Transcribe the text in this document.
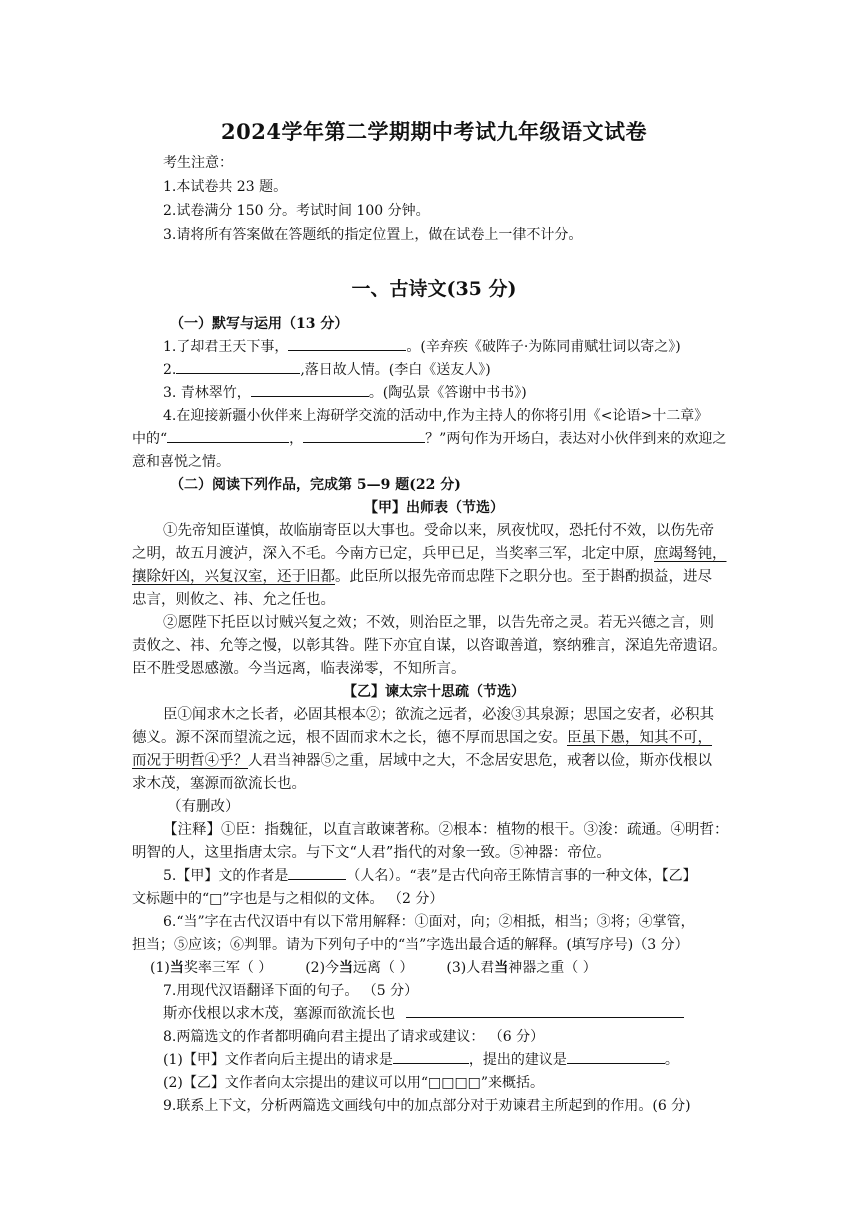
2024学年第二学期期中考试九年级语文试卷
考生注意：
1.本试卷共 23 题。
2.试卷满分 150 分。考试时间 100 分钟。
3.请将所有答案做在答题纸的指定位置上，做在试卷上一律不计分。
一、古诗文(35 分)
（一）默写与运用（13 分）
1.了却君王天下事，	。(辛弃疾《破阵子·为陈同甫赋壮词以寄之》)
2.	,落日故人情。(李白《送友人》)
3. 青林翠竹，	。(陶弘景《答谢中书书》)
4.在迎接新疆小伙伴来上海研学交流的活动中,作为主持人的你将引用《<论语>十二章》
中的“	，	？”两句作为开场白，表达对小伙伴到来的欢迎之
意和喜悦之情。
（二）阅读下列作品，完成第 5—9 题(22 分)
【甲】出师表（节选）
①先帝知臣谨慎，故临崩寄臣以大事也。受命以来，夙夜忧叹，恐托付不效，以伤先帝
之明，故五月渡泸，深入不毛。今南方已定，兵甲已足，当奖率三军，北定中原，庶竭驽钝，
攘除奸凶，兴复汉室，还于旧都。此臣所以报先帝而忠陛下之职分也。至于斟酌损益，进尽
忠言，则攸之、祎、允之任也。
②愿陛下托臣以讨贼兴复之效；不效，则治臣之罪，以告先帝之灵。若无兴德之言，则
责攸之、祎、允等之慢，以彰其咎。陛下亦宜自谋，以咨诹善道，察纳雅言，深追先帝遗诏。
臣不胜受恩感激。今当远离，临表涕零，不知所言。
【乙】谏太宗十思疏（节选）
臣①闻求木之长者，必固其根本②；欲流之远者，必浚③其泉源；思国之安者，必积其
德义。源不深而望流之远，根不固而求木之长，德不厚而思国之安。臣虽下愚，知其不可，
而况于明哲④乎？人君当神器⑤之重，居域中之大，不念居安思危，戒奢以俭，斯亦伐根以
求木茂，塞源而欲流长也。
（有删改）
【注释】①臣：指魏征，以直言敢谏著称。②根本：植物的根干。③浚：疏通。④明哲：
明智的人，这里指唐太宗。与下文“人君”指代的对象一致。⑤神器：帝位。
5.【甲】文的作者是	（人名）。“表”是古代向帝王陈情言事的一种文体，【乙】
文标题中的“□”字也是与之相似的文体。 （2 分）
6.“当”字在古代汉语中有以下常用解释：①面对，向；②相抵，相当；③将；④掌管，
担当；⑤应该；⑥判罪。请为下列句子中的“当”字选出最合适的解释。(填写序号)（3 分）
(1)当奖率三军（ ） (2)今当远离（ ） (3)人君当神器之重（ ）
7.用现代汉语翻译下面的句子。 （5 分）
斯亦伐根以求木茂，塞源而欲流长也
8.两篇选文的作者都明确向君主提出了请求或建议： （6 分）
(1)【甲】文作者向后主提出的请求是	，提出的建议是	。
(2)【乙】文作者向太宗提出的建议可以用“□□□□”来概括。
9.联系上下文，分析两篇选文画线句中的加点部分对于劝谏君主所起到的作用。(6 分)
